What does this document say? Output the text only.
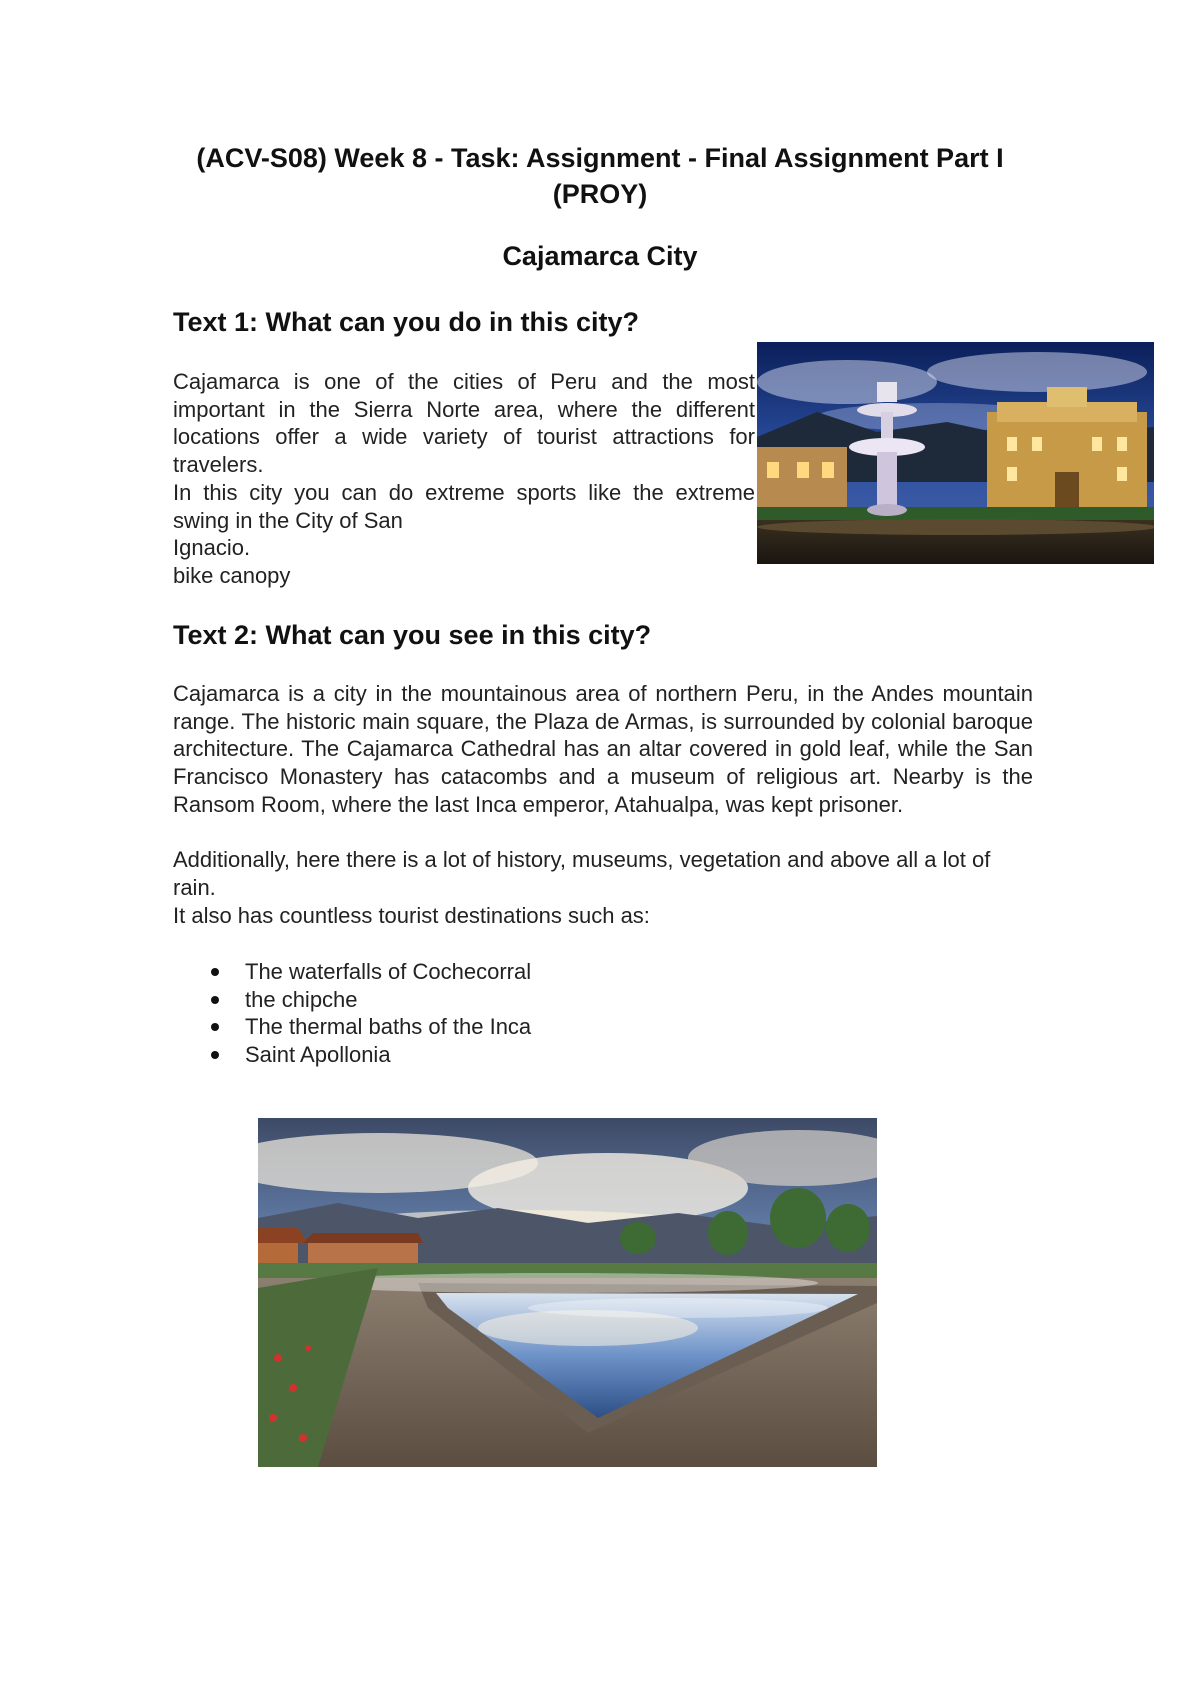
(ACV-S08) Week 8 - Task: Assignment - Final Assignment Part I
(PROY)
Cajamarca City
Text 1: What can you do in this city?

Cajamarca is one of the cities of Peru and the most important in the Sierra Norte area, where the different locations offer a wide variety of tourist attractions for travelers.
In this city you can do extreme sports like the extreme swing in the City of San
Ignacio.
bike canopy

Text 2: What can you see in this city?

Cajamarca is a city in the mountainous area of northern Peru, in the Andes mountain range. The historic main square, the Plaza de Armas, is surrounded by colonial baroque architecture. The Cajamarca Cathedral has an altar covered in gold leaf, while the San Francisco Monastery has catacombs and a museum of religious art. Nearby is the Ransom Room, where the last Inca emperor, Atahualpa, was kept prisoner.

Additionally, here there is a lot of history, museums, vegetation and above all a lot of rain.

It also has countless tourist destinations such as:

The waterfalls of Cochecorral
the chipche
The thermal baths of the Inca
Saint Apollonia
